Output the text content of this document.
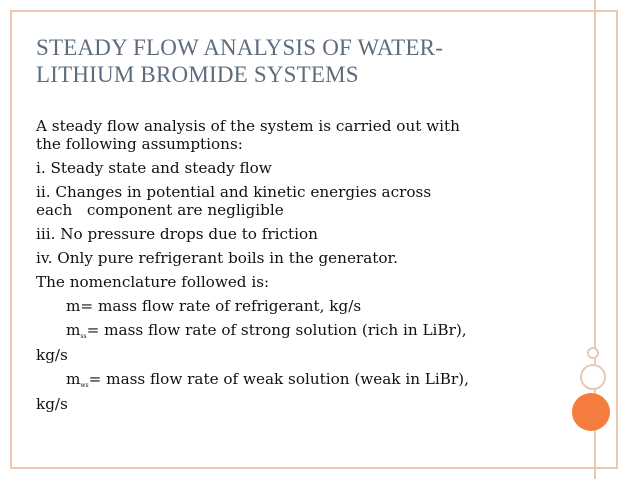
STEADY FLOW ANALYSIS OF WATER-
LITHIUM BROMIDE SYSTEMS

A steady flow analysis of the system is carried out with
the following assumptions:

i. Steady state and steady flow

ii. Changes in potential and kinetic energies across
each   component are negligible

iii. No pressure drops due to friction

iv. Only pure refrigerant boils in the generator.

The nomenclature followed is:

m= mass flow rate of refrigerant, kg/s

mss= mass flow rate of strong solution (rich in LiBr),
kg/s

mws= mass flow rate of weak solution (weak in LiBr),
kg/s
